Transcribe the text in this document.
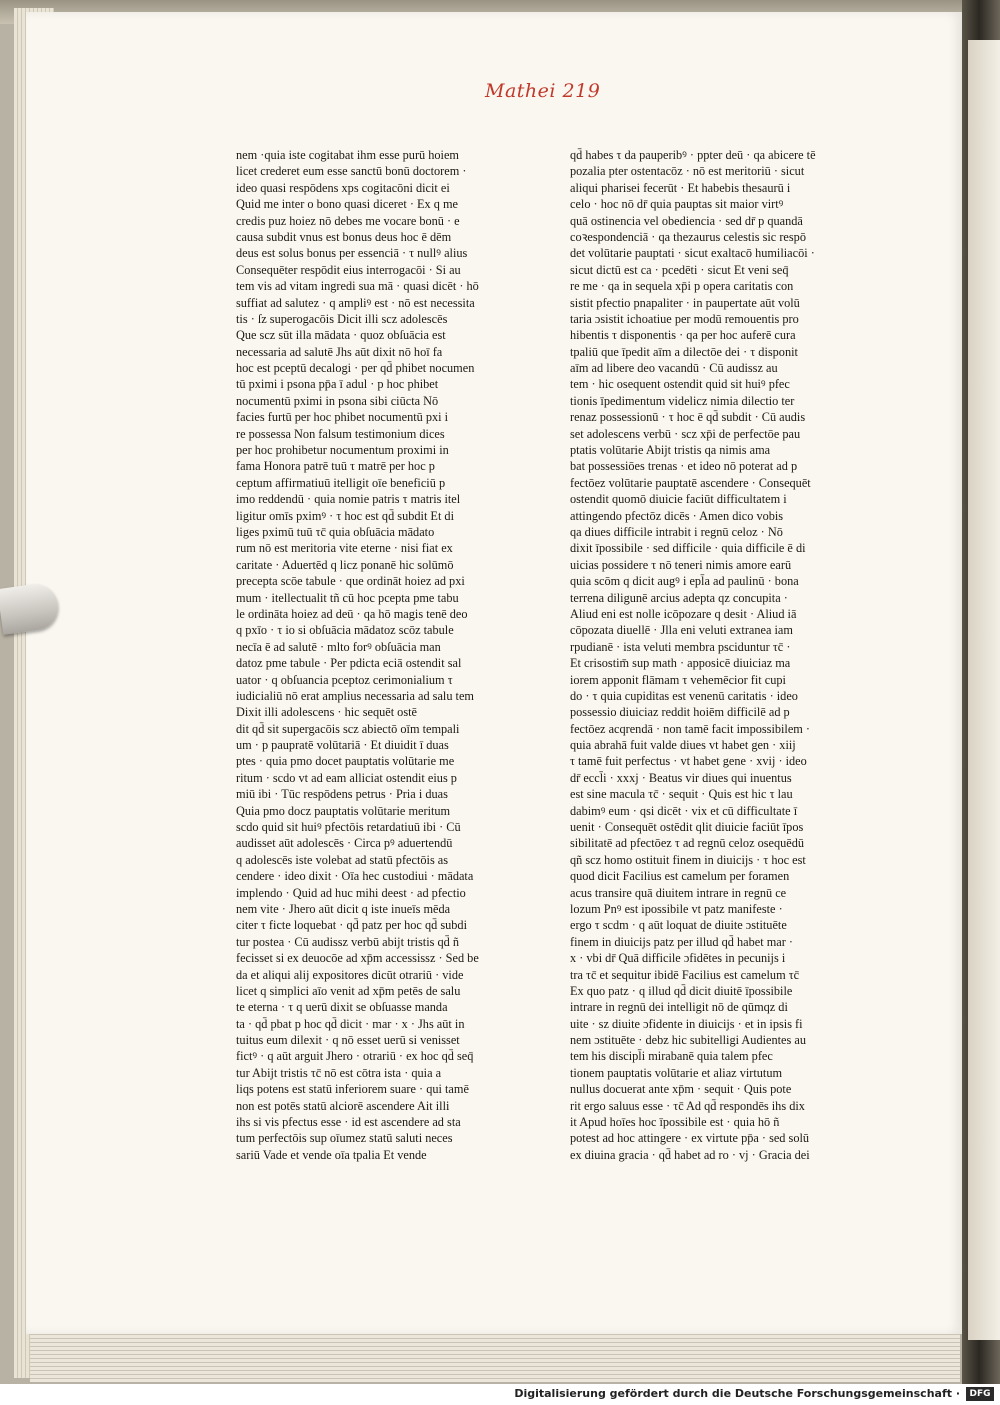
Mathei 219
nem ·quia iste cogitabat ihm esse purū hoiem
licet crederet eum esse sanctū bonū doctorem ·
ideo quasi respōdens xps cogitacōni dicit ei
Quid me inter o bono quasi diceret · Ex q me
credis puz hoiez nō debes me vocare bonū · e
causa subdit vnus est bonus deus hoc ē dēm
deus est solus bonus per essenciā · τ nullꝰ alius
Consequēter respōdit eius interrogacōi · Si au
tem vis ad vitam ingredi sua mā · quasi dicēt · hō
suffiat ad salutez · q ampliꝰ est · nō est necessita
tis · ſz superogacōis Dicit illi scz adolescēs
Que scz sūt illa mādata · quoz obſuācia est
necessaria ad salutē Jhs aūt dixit nō hoī fa
hoc est pceptū decalogi · per qd̄ phibet nocumen
tū pximi i psona pp̄a ī adul · p hoc phibet
nocumentū pximi in psona sibi ciūcta Nō
facies furtū per hoc phibet nocumentū pxi i
re possessa Non falsum testimonium dices
per hoc prohibetur nocumentum proximi in
fama Honora patrē tuū τ matrē per hoc p
ceptum affirmatiuū itelligit oīe beneficiū p
imo reddendū · quia nomie patris τ matris itel
ligitur omīs pximꝰ · τ hoc est qd̄ subdit Et di
liges pximū tuū τc̄ quia obſuācia mādato
rum nō est meritoria vite eterne · nisi fiat ex
caritate · Aduertēd q licz ponanē hic solūmō
precepta scōe tabule · que ordināt hoiez ad pxi
mum · itellectualit tñ cū hoc pcepta pme tabu
le ordināta hoiez ad deū · qa hō magis tenē deo
q pxīo · τ io si obſuācia mādatoz scōz tabule
necīa ē ad salutē · mlto forꝰ obſuācia man
datoz pme tabule · Per pdicta eciā ostendit sal
uator · q obſuancia pceptoz cerimonialium τ
iudicialiū nō erat amplius necessaria ad salu tem
Dixit illi adolescens · hic sequēt ostē
dit qd̄ sit supergacōis scz abiectō oīm tempali
um · p paupratē volūtariā · Et diuidit ī duas
ptes · quia pmo docet pauptatis volūtarie me
ritum · scdo vt ad eam alliciat ostendit eius p
miū ibi · Tūc respōdens petrus · Pria i duas
Quia pmo docz pauptatis volūtarie meritum
scdo quid sit huiꝰ pfectōis retardatiuū ibi · Cū
audisset aūt adolescēs · Circa pꝰ aduertendū
q adolescēs iste volebat ad statū pfectōis as
cendere · ideo dixit · Oīa hec custodiui · mādata
implendo · Quid ad huc mihi deest · ad pfectio
nem vite · Jhero aūt dicit q iste inueīs mēda
citer τ ficte loquebat · qd̄ patz per hoc qd̄ subdi
tur postea · Cū audissz verbū abijt tristis qd̄ ñ
fecisset si ex deuocōe ad xp̄m accessissz · Sed be
da et aliqui alij expositores dicūt otrariū · vide
licet q simplici aīo venit ad xp̄m petēs de salu
te eterna · τ q uerū dixit se obſuasse manda
ta · qd̄ pbat p hoc qd̄ dicit · mar · x · Jhs aūt in
tuitus eum dilexit · q nō esset uerū si venisset
fictꝰ · q aūt arguit Jhero · otrariū · ex hoc qd̄ seq̄
tur Abijt tristis τc̄ nō est cōtra ista · quia a
liqs potens est statū inferiorem suare · qui tamē
non est potēs statū alciorē ascendere Ait illi
ihs si vis pfectus esse · id est ascendere ad sta
tum perfectōis sup oīumez statū saluti neces
sariū Vade et vende oīa tpalia Et vende
qd̄ habes τ da pauperibꝰ · ppter deū · qa abicere tē
pozalia pter ostentacōz · nō est meritoriū · sicut
aliqui pharisei fecerūt · Et habebis thesaurū i
celo · hoc nō dr̄ quia pauptas sit maior virtꝰ
quā ostinencia vel obediencia · sed dr̄ p quandā
coꝛespondenciā · qa thezaurus celestis sic respō
det volūtarie pauptati · sicut exaltacō humiliacōi ·
sicut dictū est ca · pcedēti · sicut Et veni seq̄
re me · qa in sequela xp̄i p opera caritatis con
sistit pfectio pnapaliter · in paupertate aūt volū
taria ɔsistit ichoatiue per modū remouentis pro
hibentis τ disponentis · qa per hoc auferē cura
tpaliū que īpedit aīm a dilectōe dei · τ disponit
aīm ad libere deo vacandū · Cū audissz au
tem · hic osequent ostendit quid sit huiꝰ pfec
tionis īpedimentum videlicz nimia dilectio ter
renaz possessionū · τ hoc ē qd̄ subdit · Cū audis
set adolescens verbū · scz xp̄i de perfectōe pau
ptatis volūtarie Abijt tristis qa nimis ama
bat possessiōes trenas · et ideo nō poterat ad p
fectōez volūtarie pauptatē ascendere · Consequēt
ostendit quomō diuicie faciūt difficultatem i
attingendo pfectōz dicēs · Amen dico vobis
qa diues difficile intrabit i regnū celoz · Nō
dixit īpossibile · sed difficile · quia difficile ē di
uicias possidere τ nō teneri nimis amore earū
quia scōm q dicit augꝰ i epl̄a ad paulinū · bona
terrena diligunē arcius adepta qz concupita ·
Aliud eni est nolle icōpozare q desit · Aliud iā
cōpozata diuellē · Jlla eni veluti extranea iam
rpudianē · ista veluti membra psciduntur τc̄ ·
Et crisostim̄ sup math · apposicē diuiciaz ma
iorem apponit flāmam τ vehemēcior fit cupi
do · τ quia cupiditas est venenū caritatis · ideo
possessio diuiciaz reddit hoiēm difficilē ad p
fectōez acqrendā · non tamē facit impossibilem ·
quia abrahā fuit valde diues vt habet gen · xiij
τ tamē fuit perfectus · vt habet gene · xvij · ideo
dr̄ eccl̄i · xxxj · Beatus vir diues qui inuentus
est sine macula τc̄ · sequit · Quis est hic τ lau
dabimꝰ eum · qsi dicēt · vix et cū difficultate ī
uenit · Consequēt ostēdit qlit diuicie faciūt īpos
sibilitatē ad pfectōez τ ad regnū celoz osequēdū
qñ scz homo ostituit finem in diuicijs · τ hoc est
quod dicit Facilius est camelum per foramen
acus transire quā diuitem intrare in regnū ce
lozum Pnꝰ est ipossibile vt patz manifeste ·
ergo τ scdm · q aūt loquat de diuite ɔstituēte
finem in diuicijs patz per illud qd̄ habet mar ·
x · vbi dr̄ Quā difficile ɔfidētes in pecunijs i
tra τc̄ et sequitur ibidē Facilius est camelum τc̄
Ex quo patz · q illud qd̄ dicit diuitē īpossibile
intrare in regnū dei intelligit nō de qūmqz di
uite · sz diuite ɔfidente in diuicijs · et in ipsis fi
nem ɔstituēte · debz hic subitelligi Audientes au
tem his discipl̄i mirabanē quia talem pfec
tionem pauptatis volūtarie et aliaz virtutum
nullus docuerat ante xp̄m · sequit · Quis pote
rit ergo saluus esse · τc̄ Ad qd̄ respondēs ihs dix
it Apud hoīes hoc īpossibile est · quia hō ñ
potest ad hoc attingere · ex virtute pp̄a · sed solū
ex diuina gracia · qd̄ habet ad ro · vj · Gracia dei
Digitalisierung gefördert durch die Deutsche Forschungsgemeinschaft ·	DFG
